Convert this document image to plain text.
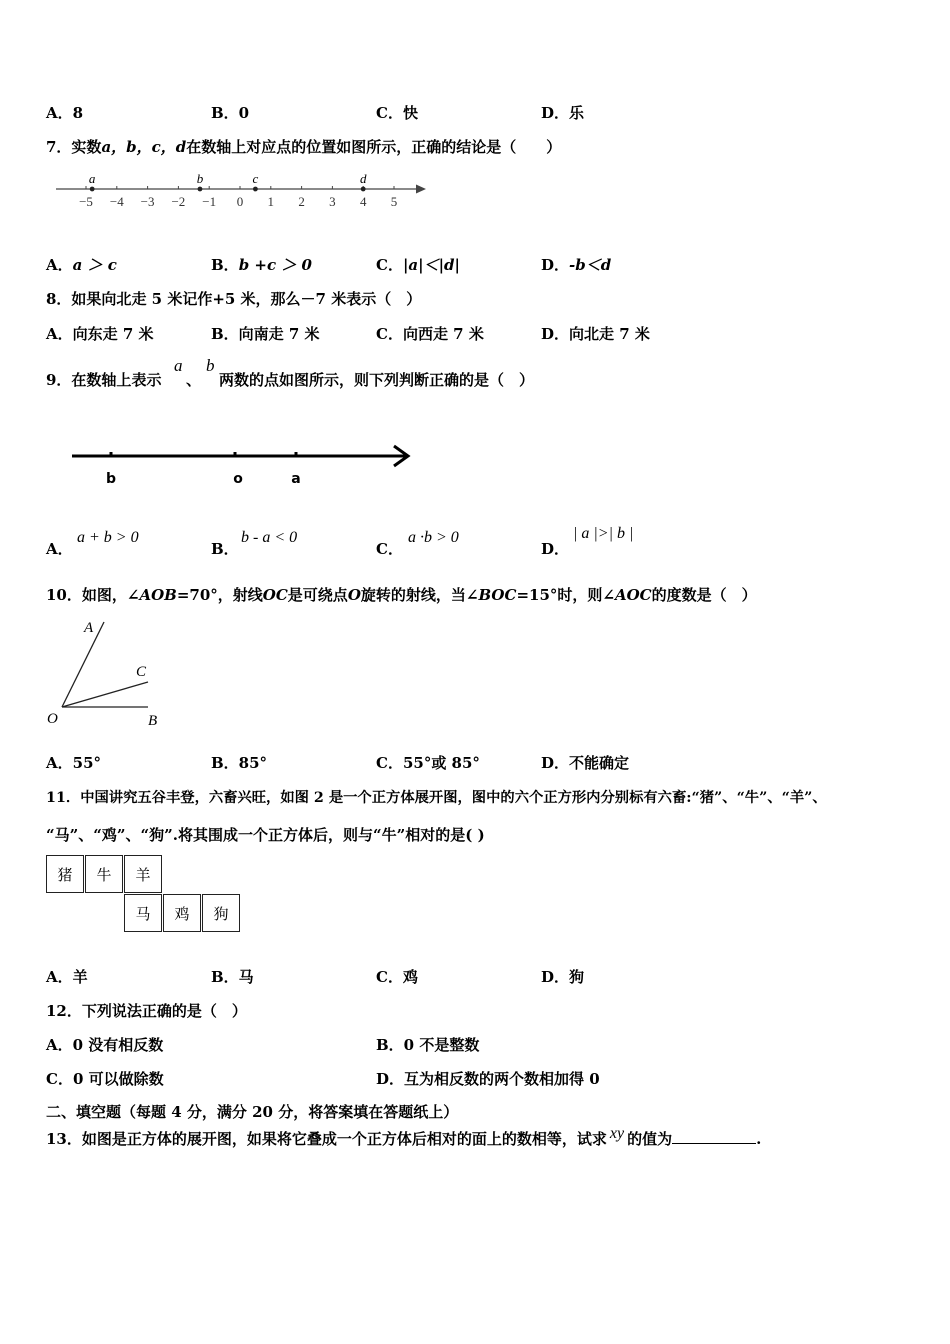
A．8	B．0	C．快	D．乐
7．实数a，b，c，d在数轴上对应点的位置如图所示，正确的结论是（　　）
−5 −4 −3 −2 −1 0 1 2 3 4 5
a	b	c	d
A．a ＞ c	B．b +c ＞ 0	C．|a|＜|d|	D．-b＜d
8．如果向北走 5 米记作+5 米，那么－7 米表示（　）
A．向东走 7 米	B．向南走 7 米	C．向西走 7 米	D．向北走 7 米
9．在数轴上表示
a
、
b
两数的点如图所示，则下列判断正确的是（　）
b	o	a
A．
a + b > 0
B．
b - a < 0
C．
a ·b > 0
D．
| a |>| b |
10．如图，∠AOB=70°，射线OC是可绕点O旋转的射线，当∠BOC=15°时，则∠AOC的度数是（　）
A
C
O	B
A．55°	B．85°	C．55°或 85°	D．不能确定
11．中国讲究五谷丰登，六畜兴旺，如图 2 是一个正方体展开图，图中的六个正方形内分别标有六畜:“猪”、“牛”、“羊”、
“马”、“鸡”、“狗”.将其围成一个正方体后，则与“牛”相对的是( )
猪	牛	羊
马	鸡	狗
A．羊	B．马	C．鸡	D．狗
12．下列说法正确的是（　）
A．0 没有相反数	B．0 不是整数
C．0 可以做除数	D．互为相反数的两个数相加得 0
二、填空题（每题 4 分，满分 20 分，将答案填在答题纸上）
13．如图是正方体的展开图，如果将它叠成一个正方体后相对的面上的数相等，试求 xy 的值为	.
